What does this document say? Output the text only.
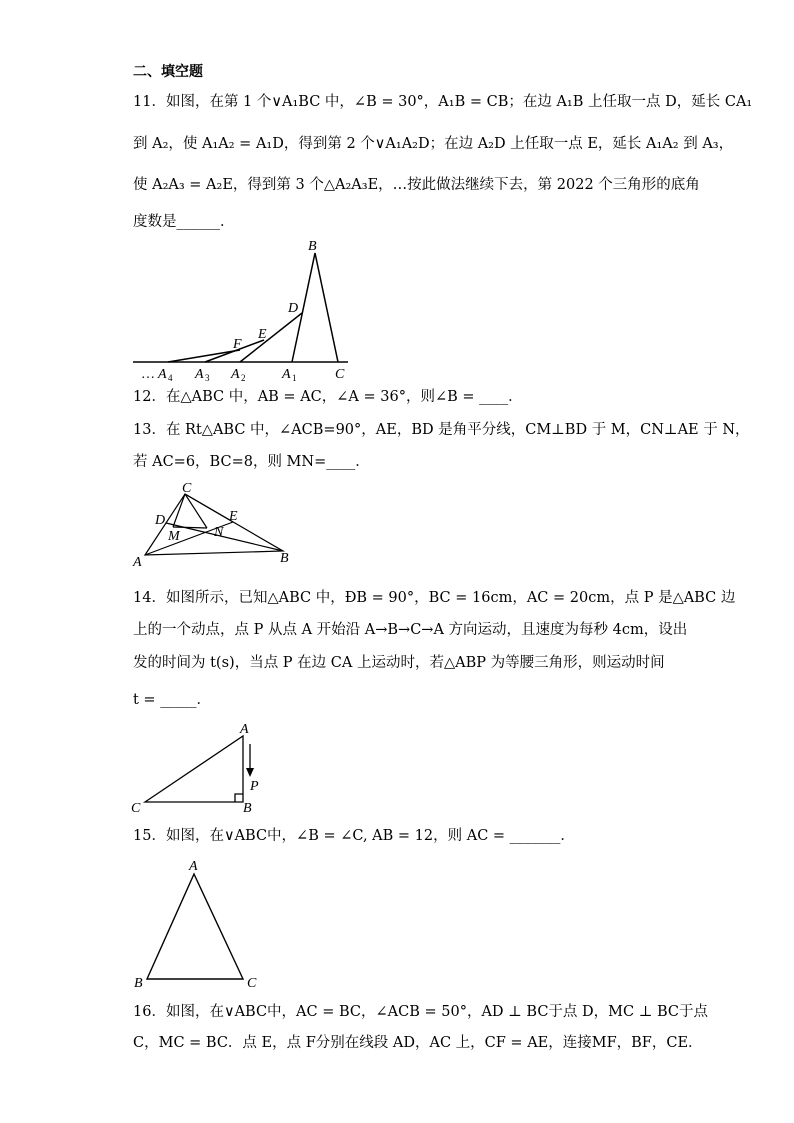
二、填空题
11．如图，在第 1 个∨A₁BC 中，∠B = 30°，A₁B = CB；在边 A₁B 上任取一点 D，延长 CA₁
到 A₂，使 A₁A₂ = A₁D，得到第 2 个∨A₁A₂D；在边 A₂D 上任取一点 E，延长 A₁A₂ 到 A₃，
使 A₂A₃ = A₂E，得到第 3 个△A₂A₃E，…按此做法继续下去，第 2022 个三角形的底角
度数是______．
B
C
D
E
F
A 1
A 2
A 3
… A 4
12．在△ABC 中，AB = AC，∠A = 36°，则∠B = ____．
13．在 Rt△ABC 中，∠ACB=90°，AE，BD 是角平分线，CM⊥BD 于 M，CN⊥AE 于 N，
若 AC=6，BC=8，则 MN=____．
C
D	E
M N
A	B
14．如图所示，已知△ABC 中，ÐB = 90°，BC = 16cm，AC = 20cm，点 P 是△ABC 边
上的一个动点，点 P 从点 A 开始沿 A→B→C→A 方向运动，且速度为每秒 4cm，设出
发的时间为 t(s)，当点 P 在边 CA 上运动时，若△ABP 为等腰三角形，则运动时间
t = _____．
A
P
C	B
15．如图，在∨ABC中，∠B = ∠C, AB = 12，则 AC = _______．
A
B	C
16．如图，在∨ABC中，AC = BC，∠ACB = 50°，AD ⊥ BC于点 D，MC ⊥ BC于点
C，MC = BC．点 E，点 F分别在线段 AD，AC 上，CF = AE，连接MF，BF，CE．
